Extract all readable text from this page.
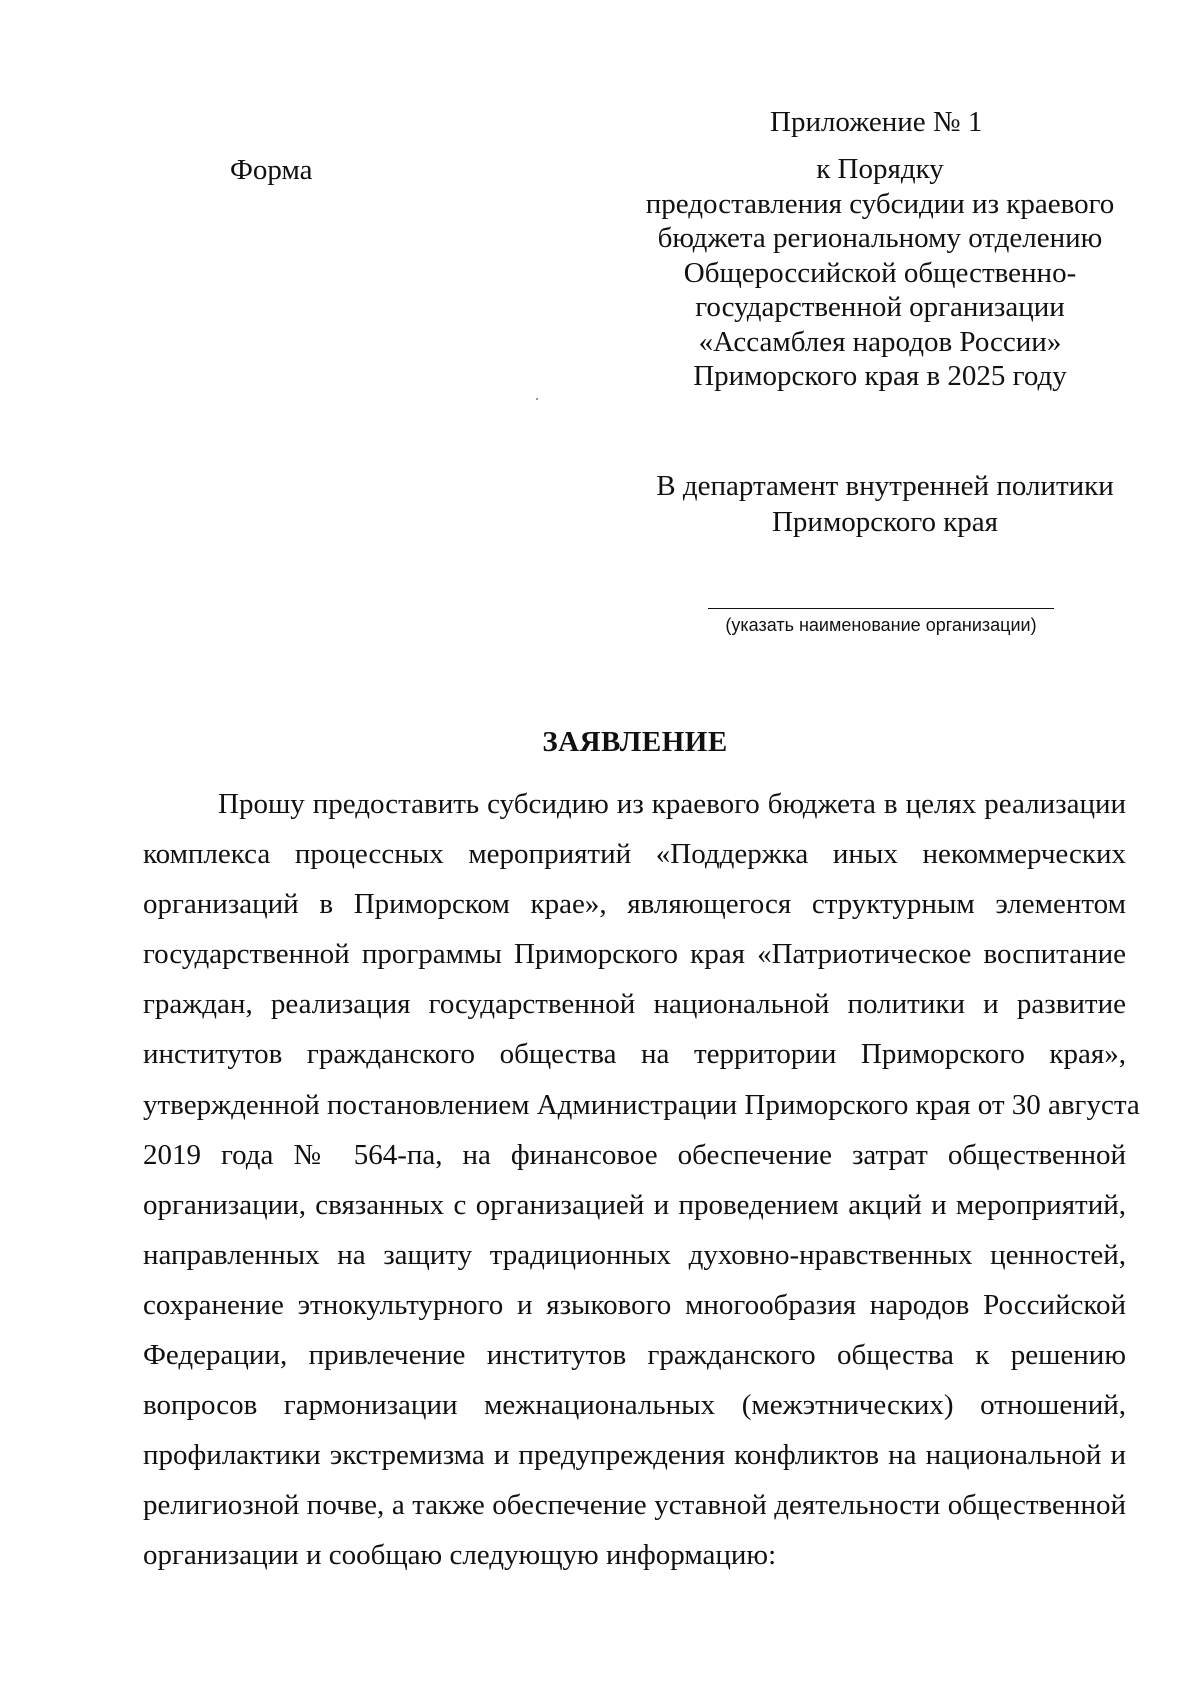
Приложение № 1
Форма	к Порядку
предоставления субсидии из краевого
бюджета региональному отделению
Общероссийской общественно-
государственной организации
«Ассамблея народов России»
Приморского края в 2025 году
В департамент внутренней политики
Приморского края
(указать наименование организации)
ЗАЯВЛЕНИЕ
Прошу предоставить субсидию из краевого бюджета в целях реализации
комплекса процессных мероприятий «Поддержка иных некоммерческих
организаций в Приморском крае», являющегося структурным элементом
государственной программы Приморского края «Патриотическое воспитание
граждан, реализация государственной национальной политики и развитие
институтов гражданского общества на территории Приморского края»,
утвержденной постановлением Администрации Приморского края от 30 августа
2019 года № 564-па, на финансовое обеспечение затрат общественной
организации, связанных с организацией и проведением акций и мероприятий,
направленных на защиту традиционных духовно-нравственных ценностей,
сохранение этнокультурного и языкового многообразия народов Российской
Федерации, привлечение институтов гражданского общества к решению
вопросов гармонизации межнациональных (межэтнических) отношений,
профилактики экстремизма и предупреждения конфликтов на национальной и
религиозной почве, а также обеспечение уставной деятельности общественной
организации и сообщаю следующую информацию:
